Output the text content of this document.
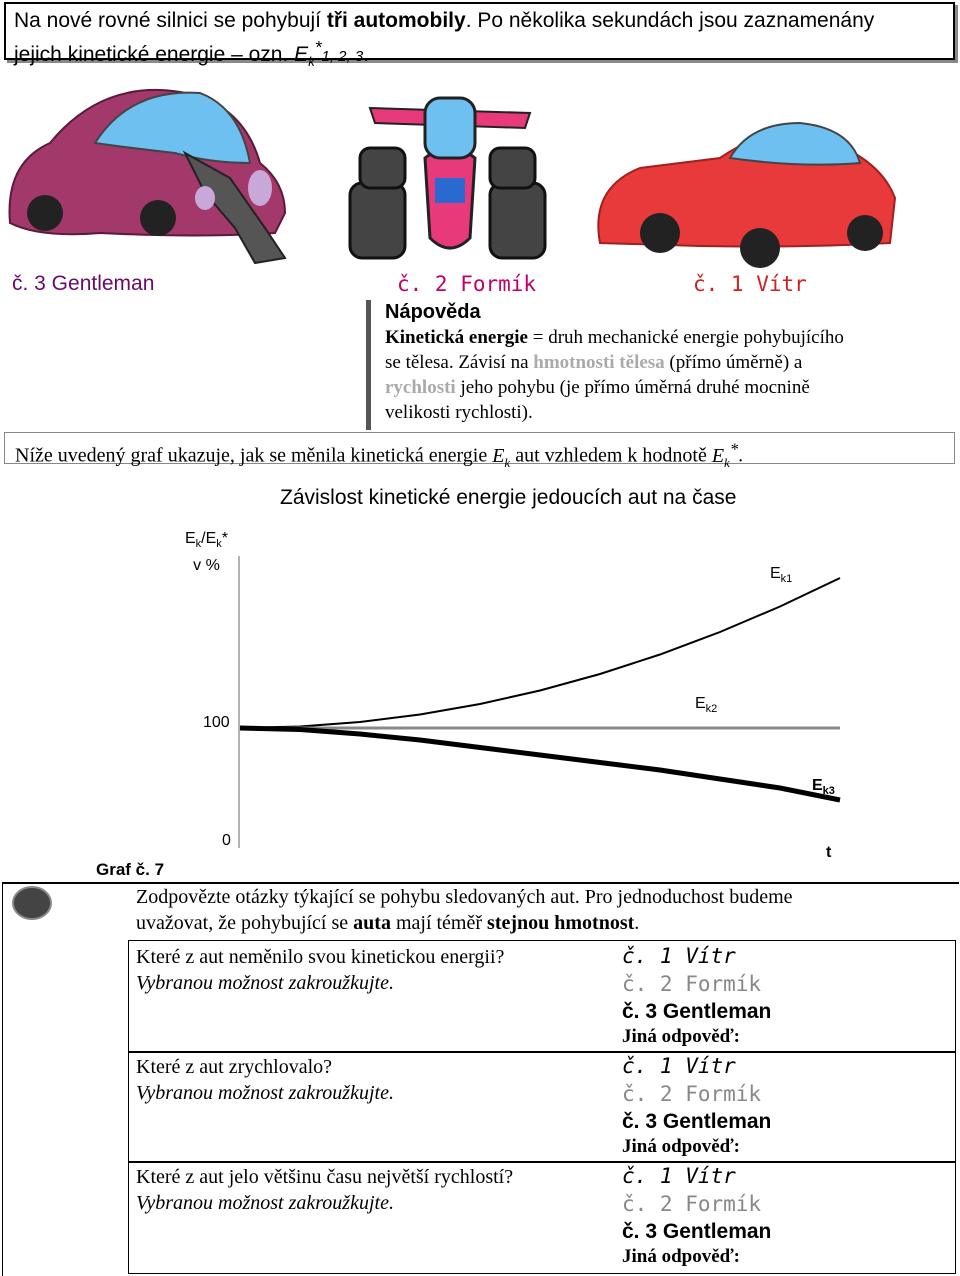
Na nové rovné silnici se pohybují tři automobily. Po několika sekundách jsou zaznamenány
jejich kinetické energie – ozn. $E_k^*1$, 2, 3.
č. 3 Gentleman	č. 2 Formík	č. 1 Vítr
Nápověda
Kinetická energie = druh mechanické energie pohybujícího
se tělesa. Závisí na hmotnosti tělesa (přímo úměrně) a
rychlosti jeho pohybu (je přímo úměrná druhé mocnině
velikosti rychlosti).
Níže uvedený graf ukazuje, jak se měnila kinetická energie $E_k$ aut vzhledem k hodnotě $E_k^*$.
Závislost kinetické energie jedoucích aut na čase
$E_k/E_k*$
v %
100
0
t
Graf č. 7
$E_{k1}$
$E_{k2}$
$E_{k3}$
Zodpovězte otázky týkající se pohybu sledovaných aut. Pro jednoduchost budeme
uvažovat, že pohybující se auta mají téměř stejnou hmotnost.
Které z aut neměnilo svou kinetickou energii?
Vybranou možnost zakroužkujte.
č. 1 Vítr
č. 2 Formík
č. 3 Gentleman
Jiná odpověď:
Které z aut zrychlovalo?
Vybranou možnost zakroužkujte.
č. 1 Vítr
č. 2 Formík
č. 3 Gentleman
Jiná odpověď:
Které z aut jelo většinu času největší rychlostí?
Vybranou možnost zakroužkujte.
č. 1 Vítr
č. 2 Formík
č. 3 Gentleman
Jiná odpověď:
